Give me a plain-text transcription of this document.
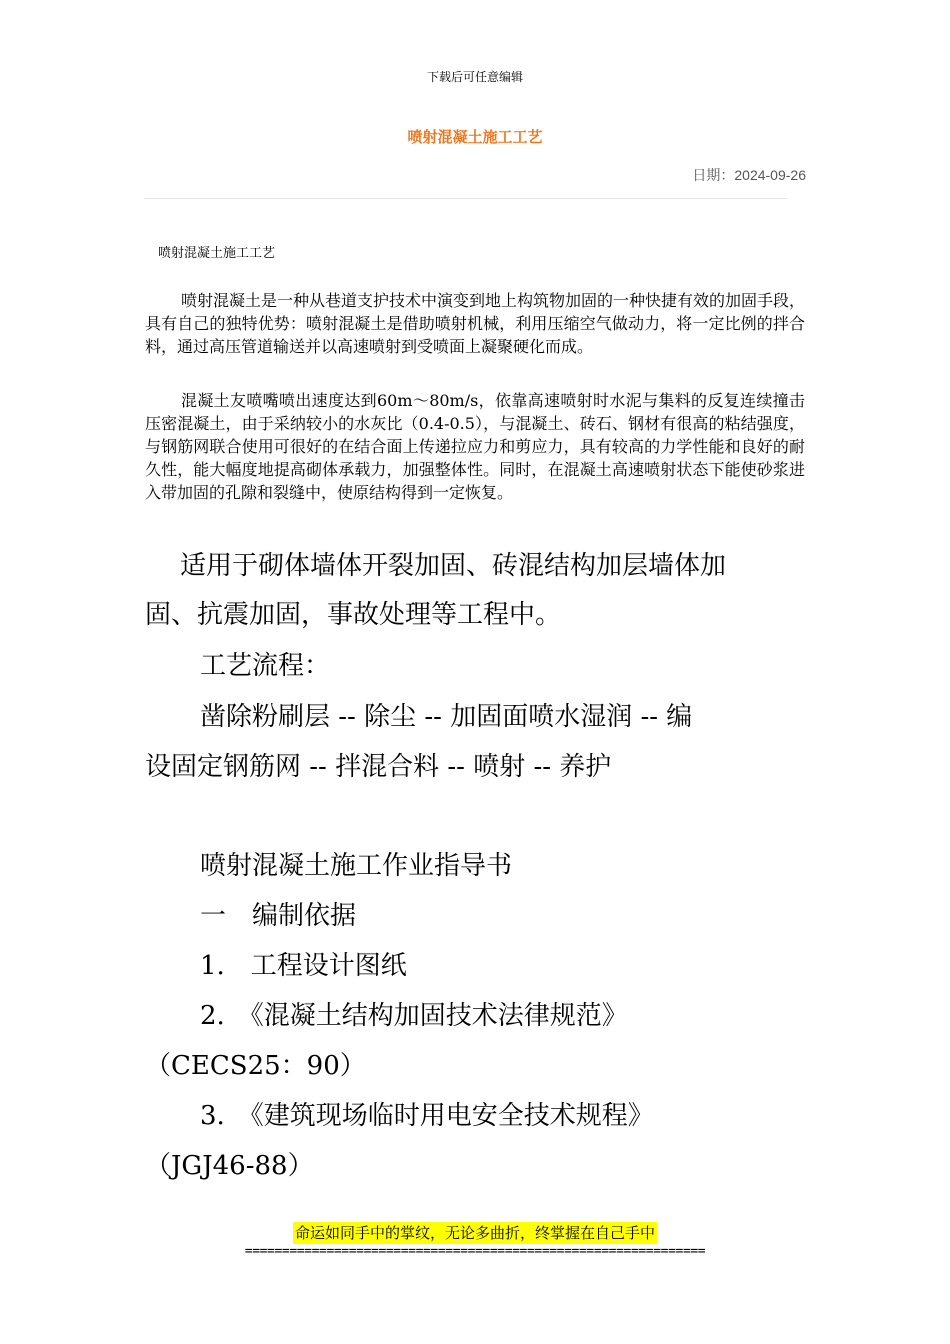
下载后可任意编辑
喷射混凝土施工工艺
日期：2024-09-26
喷射混凝土施工工艺
喷射混凝土是一种从巷道支护技术中演变到地上构筑物加固的一种快捷有效的加固手段，具有自己的独特优势：喷射混凝土是借助喷射机械，利用压缩空气做动力，将一定比例的拌合料，通过高压管道输送并以高速喷射到受喷面上凝聚硬化而成。
混凝土友喷嘴喷出速度达到60m～80m/s，依靠高速喷射时水泥与集料的反复连续撞击压密混凝土，由于采纳较小的水灰比（0.4-0.5），与混凝土、砖石、钢材有很高的粘结强度，与钢筋网联合使用可很好的在结合面上传递拉应力和剪应力，具有较高的力学性能和良好的耐久性，能大幅度地提高砌体承载力，加强整体性。同时，在混凝土高速喷射状态下能使砂浆进入带加固的孔隙和裂缝中，使原结构得到一定恢复。
适用于砌体墙体开裂加固、砖混结构加层墙体加
固、抗震加固，事故处理等工程中。
工艺流程：
凿除粉刷层 -- 除尘 -- 加固面喷水湿润 -- 编
设固定钢筋网 -- 拌混合料 -- 喷射 -- 养护
喷射混凝土施工作业指导书
一　编制依据
1.　工程设计图纸
2.　《混凝土结构加固技术法律规范》
（CECS25：90）
3.　《建筑现场临时用电安全技术规程》
（JGJ46-88）
命运如同手中的掌纹，无论多曲折，终掌握在自己手中
==============================================================
